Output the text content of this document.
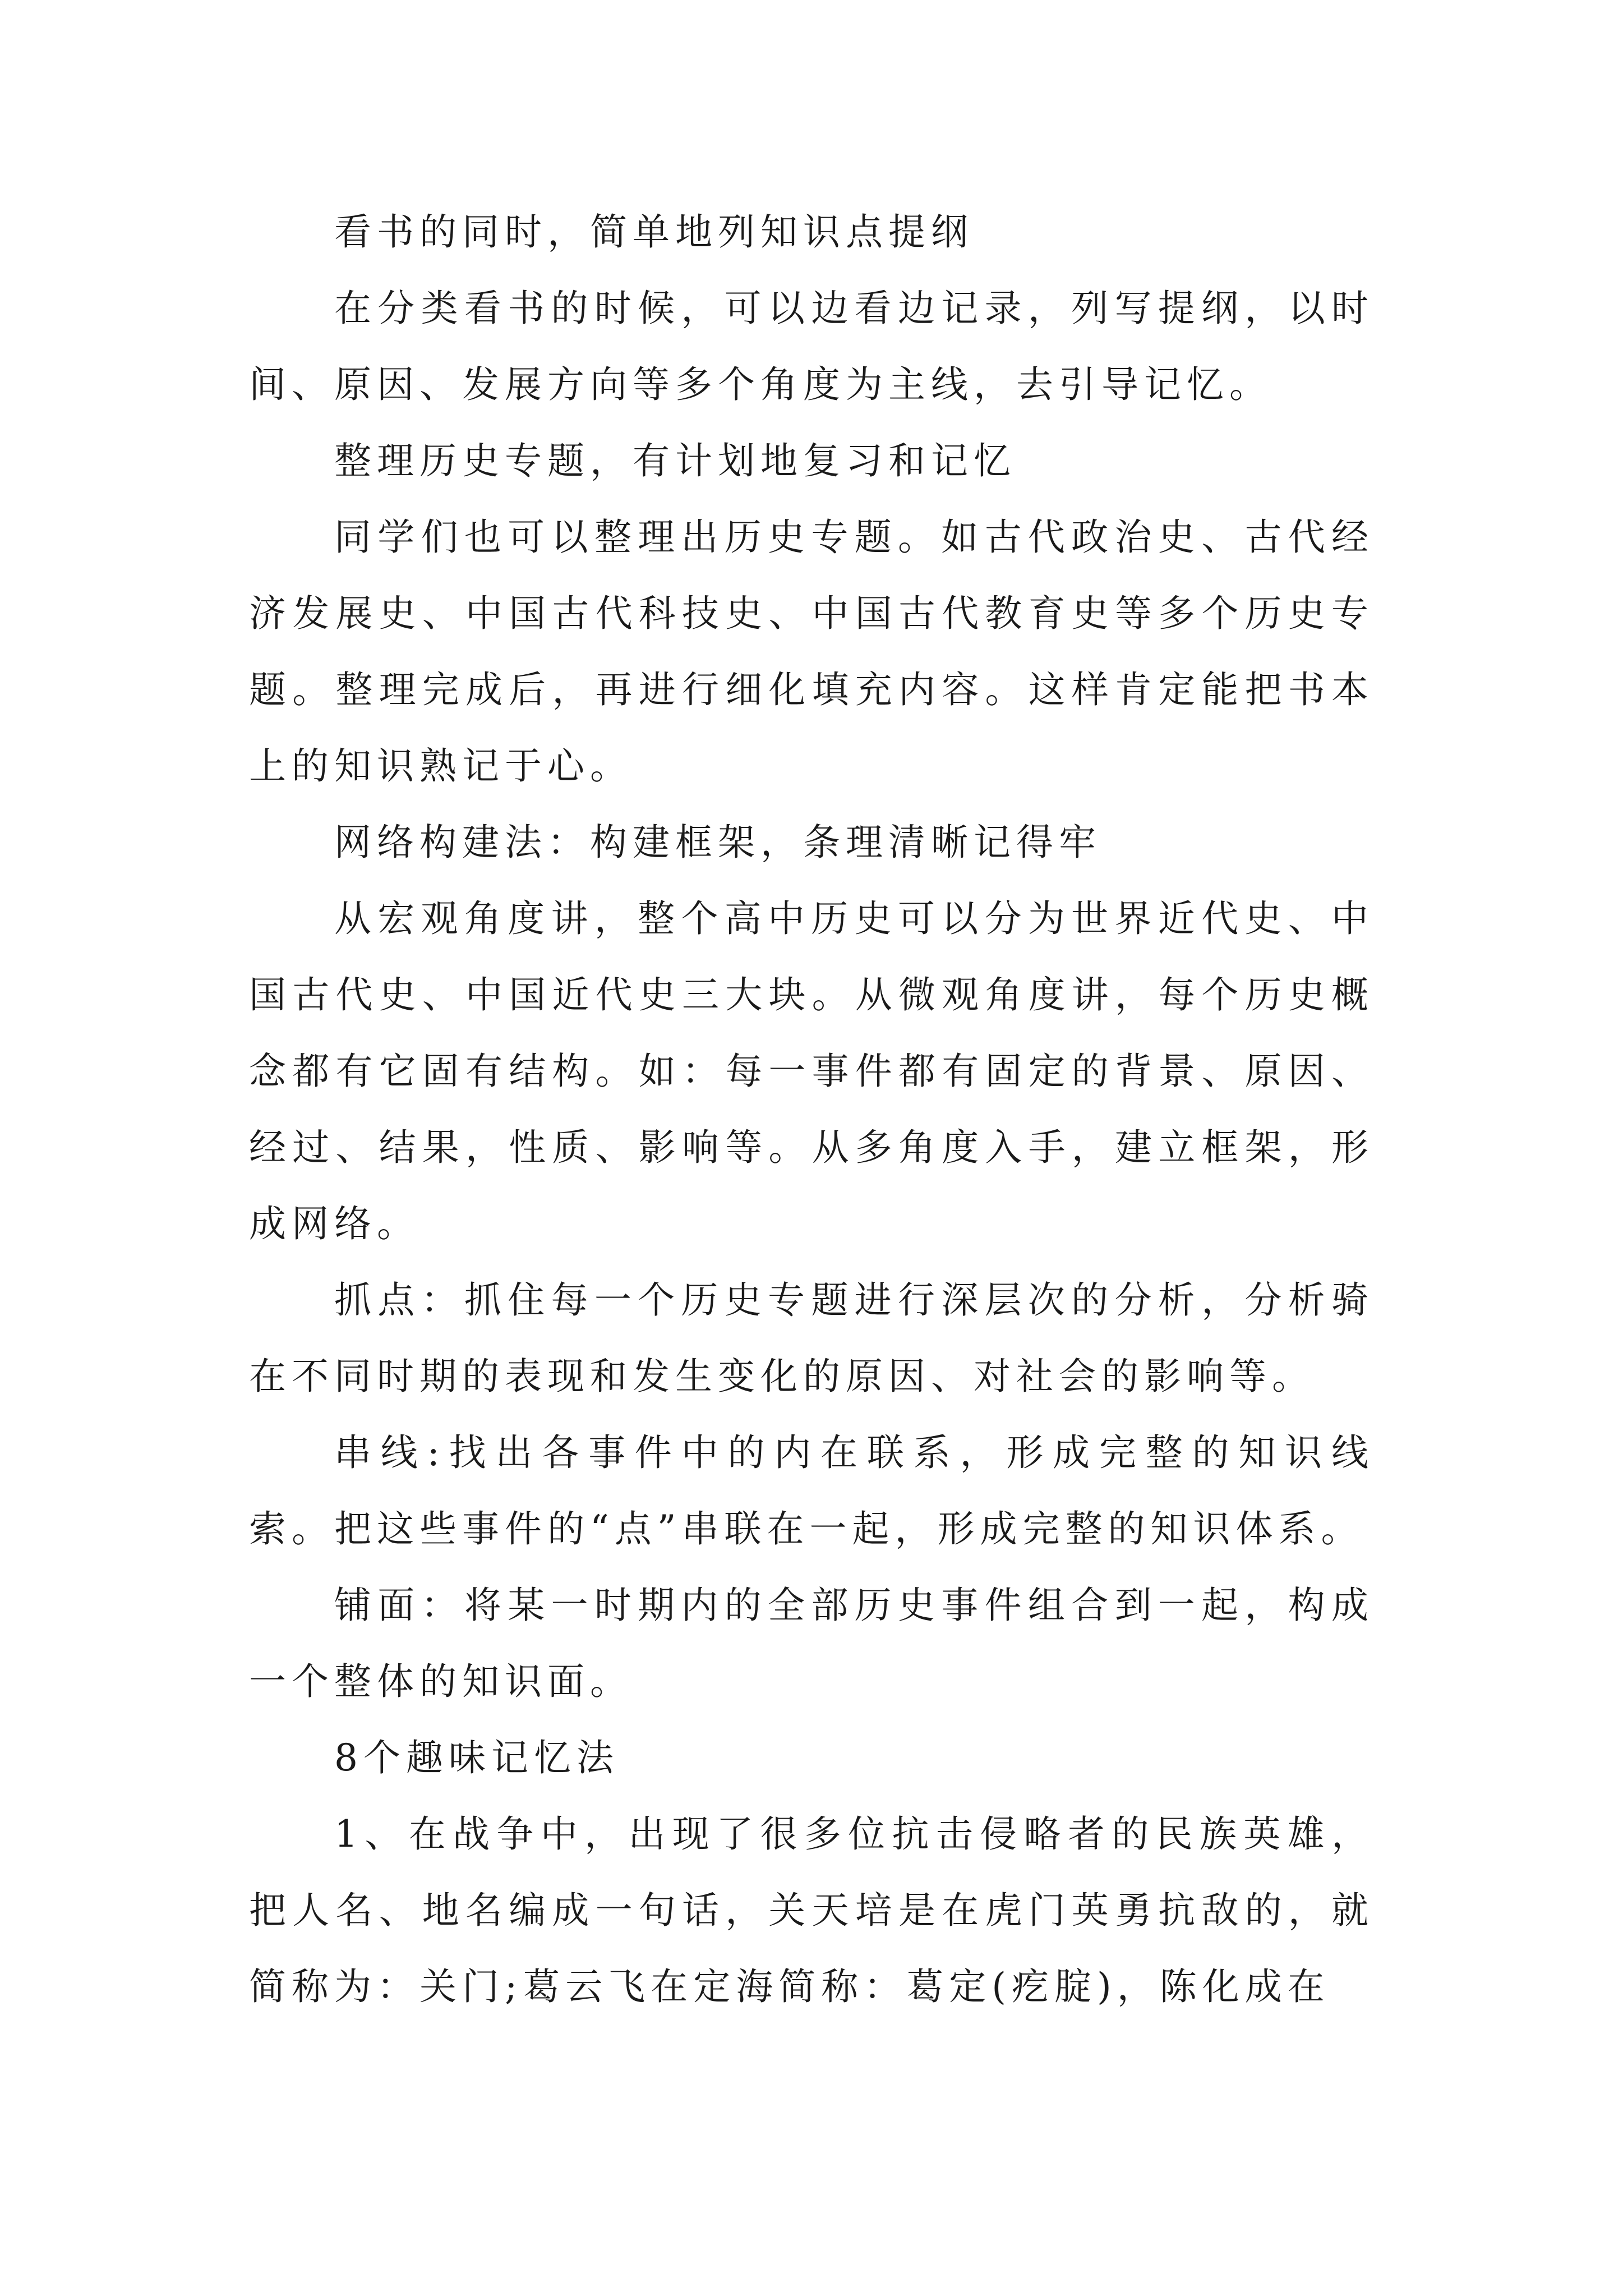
看书的同时，简单地列知识点提纲

在分类看书的时候，可以边看边记录，列写提纲，以时间、原因、发展方向等多个角度为主线，去引导记忆。

整理历史专题，有计划地复习和记忆

同学们也可以整理出历史专题。如古代政治史、古代经济发展史、中国古代科技史、中国古代教育史等多个历史专题。整理完成后，再进行细化填充内容。这样肯定能把书本上的知识熟记于心。

网络构建法：构建框架，条理清晰记得牢

从宏观角度讲，整个高中历史可以分为世界近代史、中国古代史、中国近代史三大块。从微观角度讲，每个历史概念都有它固有结构。如：每一事件都有固定的背景、原因、经过、结果，性质、影响等。从多角度入手，建立框架，形成网络。

抓点：抓住每一个历史专题进行深层次的分析，分析骑在不同时期的表现和发生变化的原因、对社会的影响等。

串线:找出各事件中的内在联系，形成完整的知识线索。把这些事件的“点”串联在一起，形成完整的知识体系。

铺面：将某一时期内的全部历史事件组合到一起，构成一个整体的知识面。

8个趣味记忆法

1、在战争中，出现了很多位抗击侵略者的民族英雄，把人名、地名编成一句话，关天培是在虎门英勇抗敌的，就简称为：关门;葛云飞在定海简称：葛定(疙腚)，陈化成在
